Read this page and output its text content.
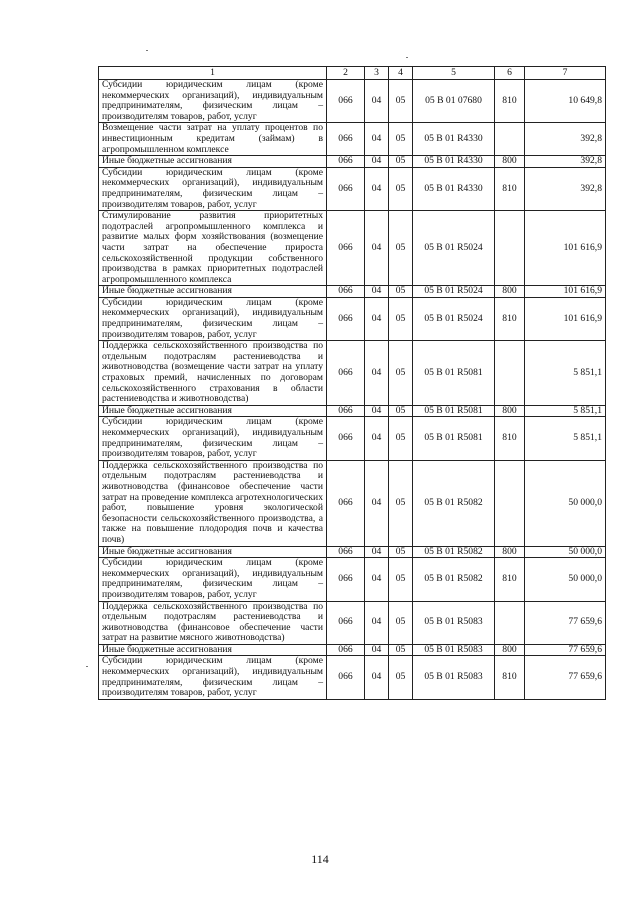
1	2	3	4	5	6	7
Субсидии юридическим лицам (кроме некоммерческих организаций), индивидуальным предпринимателям, физическим лицам – производителям товаров, работ, услуг	066	04	05	05 В 01 07680	810	10 649,8
Возмещение части затрат на уплату процентов по инвестиционным кредитам (займам) в агропромышленном комплексе	066	04	05	05 В 01 R4330		392,8
Иные бюджетные ассигнования	066	04	05	05 В 01 R4330	800	392,8
Субсидии юридическим лицам (кроме некоммерческих организаций), индивидуальным предпринимателям, физическим лицам – производителям товаров, работ, услуг	066	04	05	05 В 01 R4330	810	392,8
Стимулирование развития приоритетных подотраслей агропромышленного комплекса и развитие малых форм хозяйствования (возмещение части затрат на обеспечение прироста сельскохозяйственной продукции собственного производства в рамках приоритетных подотраслей агропромышленного комплекса	066	04	05	05 В 01 R5024		101 616,9
Иные бюджетные ассигнования	066	04	05	05 В 01 R5024	800	101 616,9
Субсидии юридическим лицам (кроме некоммерческих организаций), индивидуальным предпринимателям, физическим лицам – производителям товаров, работ, услуг	066	04	05	05 В 01 R5024	810	101 616,9
Поддержка сельскохозяйственного производства по отдельным подотраслям растениеводства и животноводства (возмещение части затрат на уплату страховых премий, начисленных по договорам сельскохозяйственного страхования в области растениеводства и животноводства)	066	04	05	05 В 01 R5081		5 851,1
Иные бюджетные ассигнования	066	04	05	05 В 01 R5081	800	5 851,1
Субсидии юридическим лицам (кроме некоммерческих организаций), индивидуальным предпринимателям, физическим лицам – производителям товаров, работ, услуг	066	04	05	05 В 01 R5081	810	5 851,1
Поддержка сельскохозяйственного производства по отдельным подотраслям растениеводства и животноводства (финансовое обеспечение части затрат на проведение комплекса агротехнологических работ, повышение уровня экологической безопасности сельскохозяйственного производства, а также на повышение плодородия почв и качества почв)	066	04	05	05 В 01 R5082		50 000,0
Иные бюджетные ассигнования	066	04	05	05 В 01 R5082	800	50 000,0
Субсидии юридическим лицам (кроме некоммерческих организаций), индивидуальным предпринимателям, физическим лицам – производителям товаров, работ, услуг	066	04	05	05 В 01 R5082	810	50 000,0
Поддержка сельскохозяйственного производства по отдельным подотраслям растениеводства и животноводства (финансовое обеспечение части затрат на развитие мясного животноводства)	066	04	05	05 В 01 R5083		77 659,6
Иные бюджетные ассигнования	066	04	05	05 В 01 R5083	800	77 659,6
Субсидии юридическим лицам (кроме некоммерческих организаций), индивидуальным предпринимателям, физическим лицам – производителям товаров, работ, услуг	066	04	05	05 В 01 R5083	810	77 659,6
114
